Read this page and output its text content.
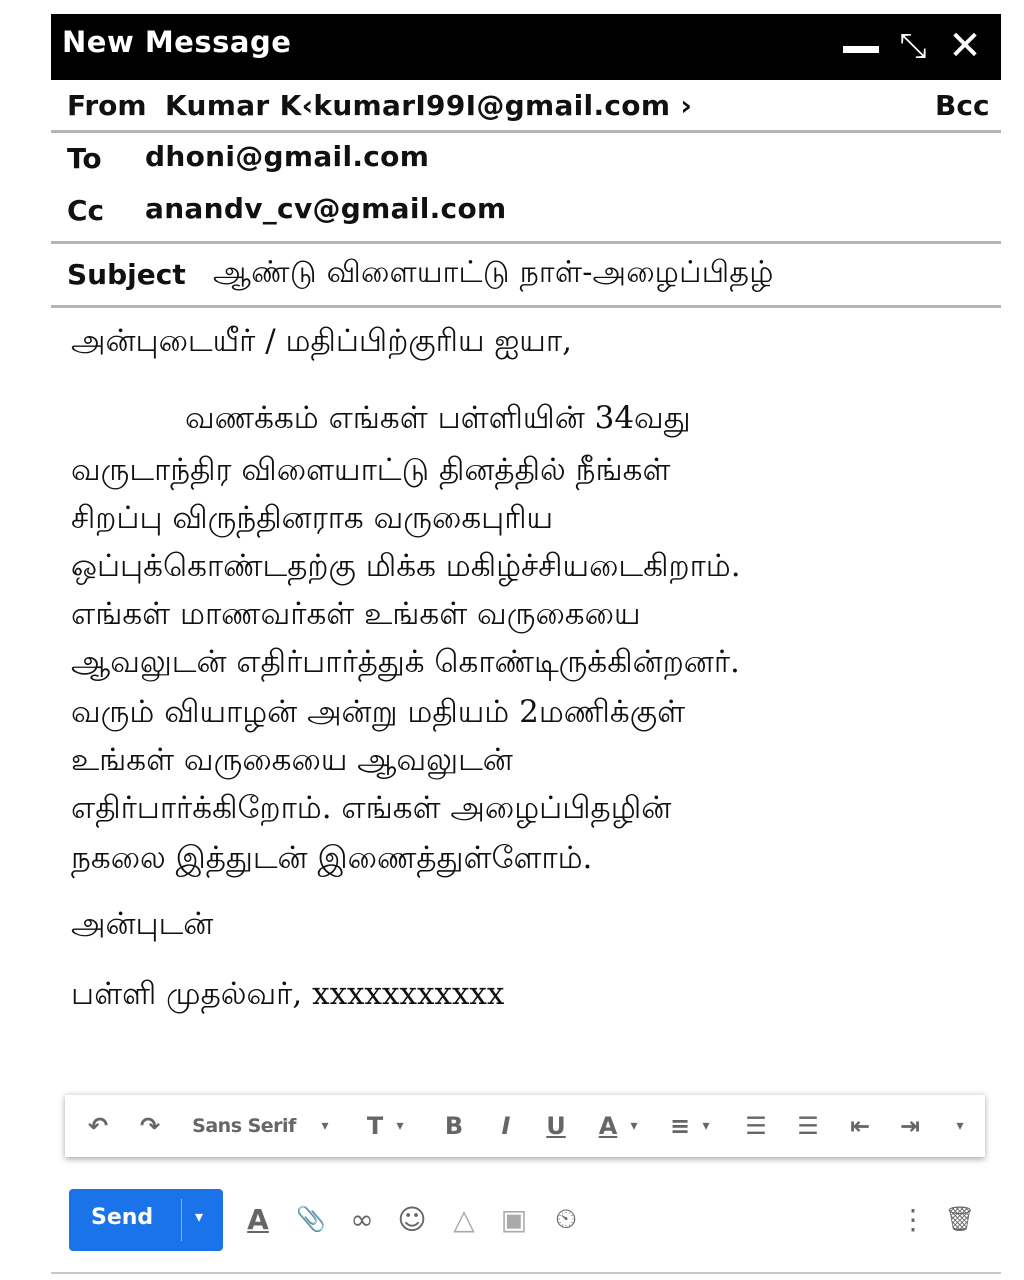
New Message	⤡ ✕
From Kumar K‹kumarI99I@gmail.com ›	Bcc
To dhoni@gmail.com
Cc anandv_cv@gmail.com
Subject ஆண்டு விளையாட்டு நாள்-அழைப்பிதழ்
அன்புடையீர் / மதிப்பிற்குரிய ஐயா,
வணக்கம் எங்கள் பள்ளியின் 34வது
வருடாந்திர விளையாட்டு தினத்தில் நீங்கள்
சிறப்பு விருந்தினராக வருகைபுரிய
ஒப்புக்கொண்டதற்கு மிக்க மகிழ்ச்சியடைகிறாம்.
எங்கள் மாணவர்கள் உங்கள் வருகையை
ஆவலுடன் எதிர்பார்த்துக் கொண்டிருக்கின்றனர்.
வரும் வியாழன் அன்று மதியம் 2மணிக்குள்
உங்கள் வருகையை ஆவலுடன்
எதிர்பார்க்கிறோம். எங்கள் அழைப்பிதழின்
நகலை இத்துடன் இணைத்துள்ளோம்.
அன்புடன்
பள்ளி முதல்வர், xxxxxxxxxxx
↶ ↷ Sans Serif	▾ T ▾ B	I	U A ▾ ≡ ▾ ☰ ☰ ⇤ ⇥	▾
Send	▾ A 📎 ∞ ☺ △ ▣ ⏲	⋮ 🗑
